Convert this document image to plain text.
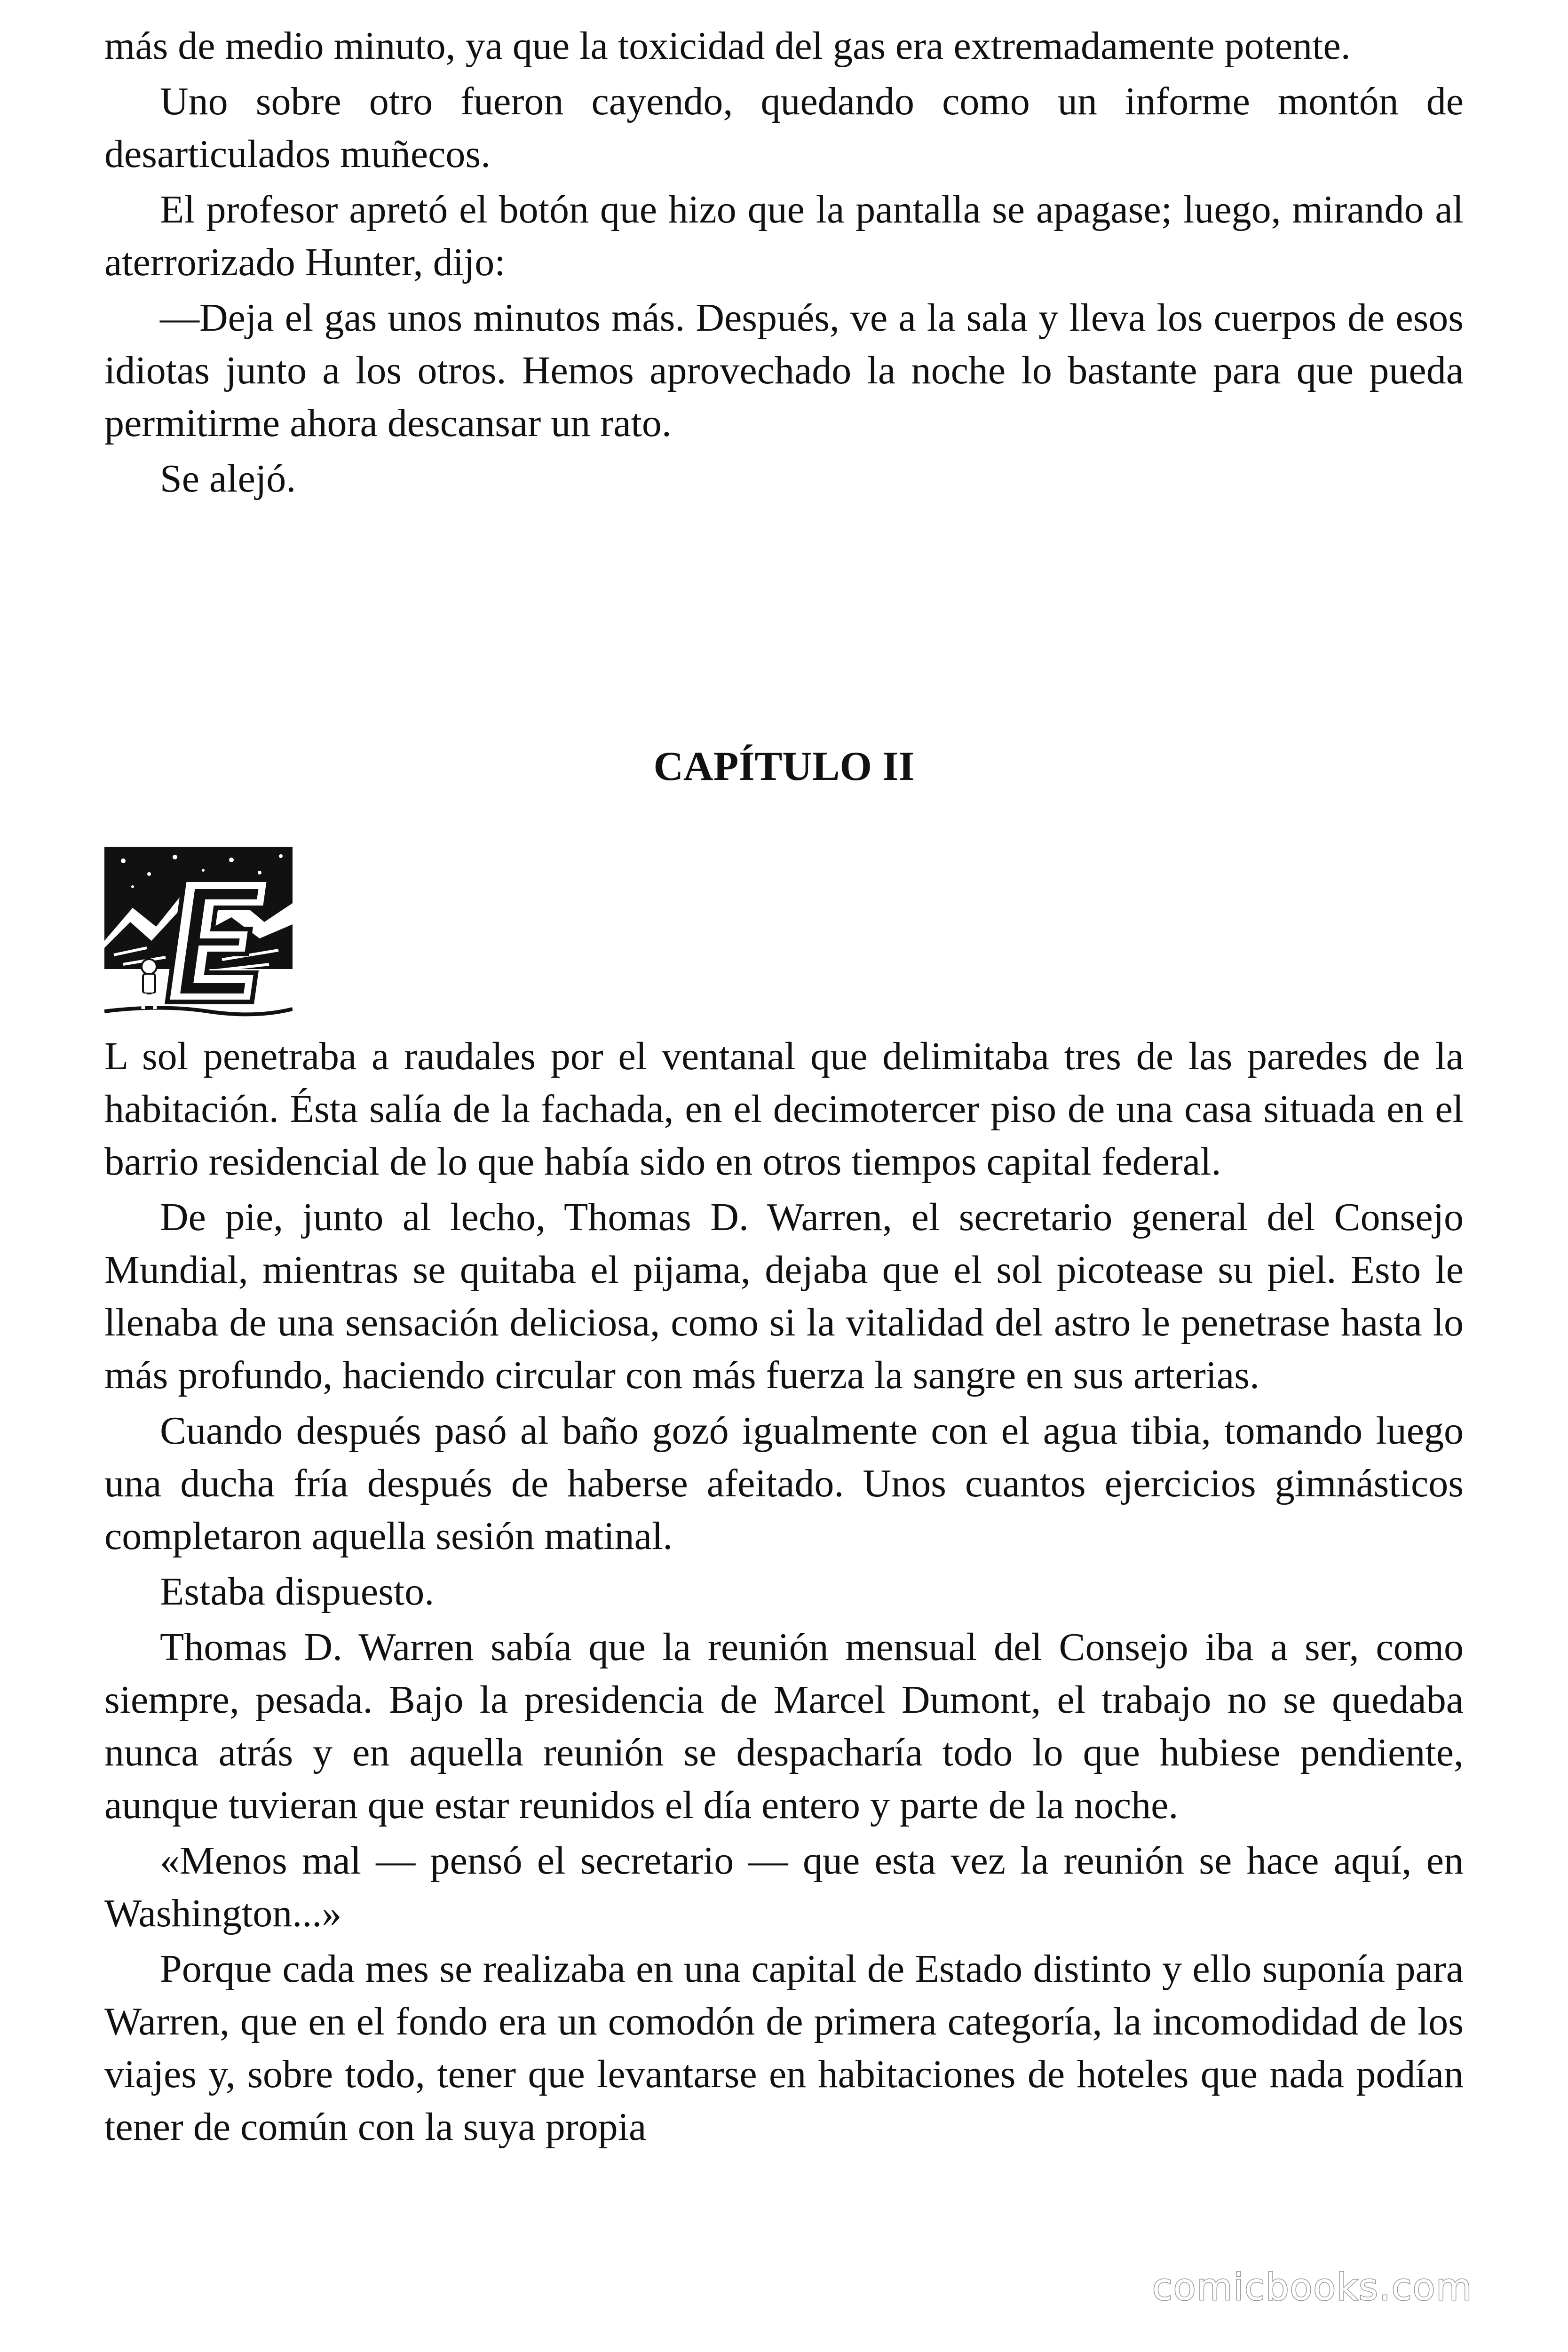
más de medio minuto, ya que la toxicidad del gas era extremadamente potente.

Uno sobre otro fueron cayendo, quedando como un informe montón de desarticulados muñecos.

El profesor apretó el botón que hizo que la pantalla se apagase; luego, mirando al aterrorizado Hunter, dijo:

—Deja el gas unos minutos más. Después, ve a la sala y lleva los cuerpos de esos idiotas junto a los otros. Hemos aprovechado la noche lo bastante para que pueda permitirme ahora descansar un rato.

Se alejó.

CAPÍTULO II

L sol penetraba a raudales por el ventanal que delimitaba tres de las paredes de la habitación. Ésta salía de la fachada, en el decimotercer piso de una casa situada en el barrio residencial de lo que había sido en otros tiempos capital federal.

De pie, junto al lecho, Thomas D. Warren, el secretario general del Consejo Mundial, mientras se quitaba el pijama, dejaba que el sol picotease su piel. Esto le llenaba de una sensación deliciosa, como si la vitalidad del astro le penetrase hasta lo más profundo, haciendo circular con más fuerza la sangre en sus arterias.

Cuando después pasó al baño gozó igualmente con el agua tibia, tomando luego una ducha fría después de haberse afeitado. Unos cuantos ejercicios gimnásticos completaron aquella sesión matinal.

Estaba dispuesto.

Thomas D. Warren sabía que la reunión mensual del Consejo iba a ser, como siempre, pesada. Bajo la presidencia de Marcel Dumont, el trabajo no se quedaba nunca atrás y en aquella reunión se despacharía todo lo que hubiese pendiente, aunque tuvieran que estar reunidos el día entero y parte de la noche.

«Menos mal — pensó el secretario — que esta vez la reunión se hace aquí, en Washington...»

Porque cada mes se realizaba en una capital de Estado distinto y ello suponía para Warren, que en el fondo era un comodón de primera categoría, la incomodidad de los viajes y, sobre todo, tener que levantarse en habitaciones de hoteles que nada podían tener de común con la suya propia

comicbooks.com
